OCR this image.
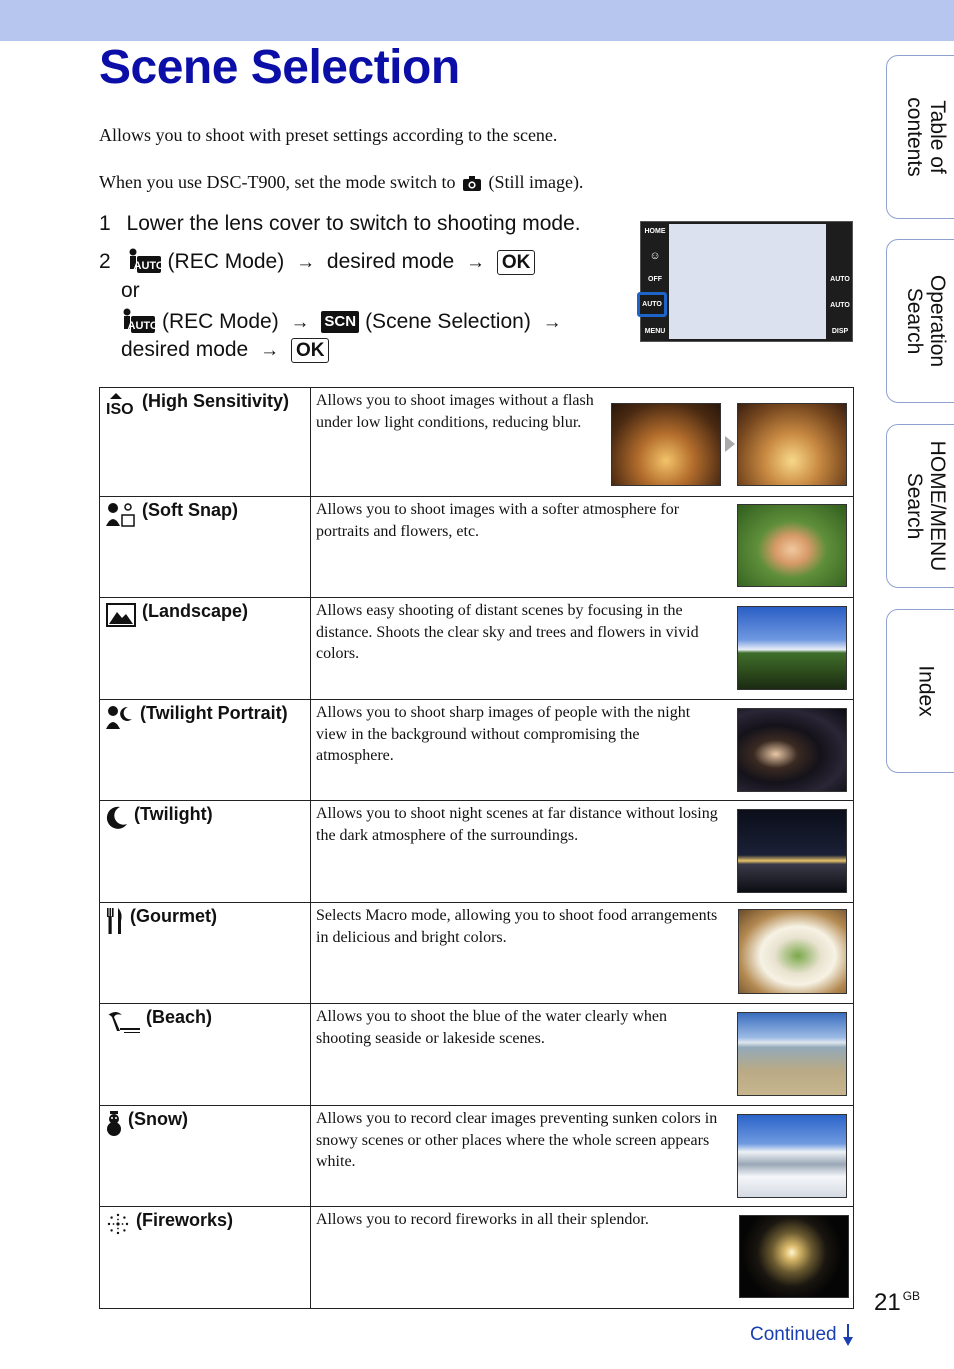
Scene Selection
Allows you to shoot with preset settings according to the scene.
When you use DSC-T900, set the mode switch to (Still image).
1 Lower the lens cover to switch to shooting mode.
2 AUTO (REC Mode) → desired mode → OK
or
AUTO (REC Mode) → SCN (Scene Selection) →
desired mode → OK
HOME
☺
OFF
AUTO
MENU
AUTO
AUTO
DISP
Table of
contents
Operation
Search
HOME/MENU
Search
Index
ISO (High Sensitivity)	Allows you to shoot images without a flash under low light conditions, reducing blur.

(Soft Snap)	Allows you to shoot images with a softer atmosphere for portraits and flowers, etc.

(Landscape)	Allows easy shooting of distant scenes by focusing in the distance. Shoots the clear sky and trees and flowers in vivid colors.

(Twilight Portrait)	Allows you to shoot sharp images of people with the night view in the background without compromising the atmosphere.

(Twilight)	Allows you to shoot night scenes at far distance without losing the dark atmosphere of the surroundings.

(Gourmet)	Selects Macro mode, allowing you to shoot food arrangements in delicious and bright colors.

(Beach)	Allows you to shoot the blue of the water clearly when shooting seaside or lakeside scenes.

(Snow)	Allows you to record clear images preventing sunken colors in snowy scenes or other places where the whole screen appears white.

(Fireworks)	Allows you to record fireworks in all their splendor.
21 $^{GB}$
Continued
